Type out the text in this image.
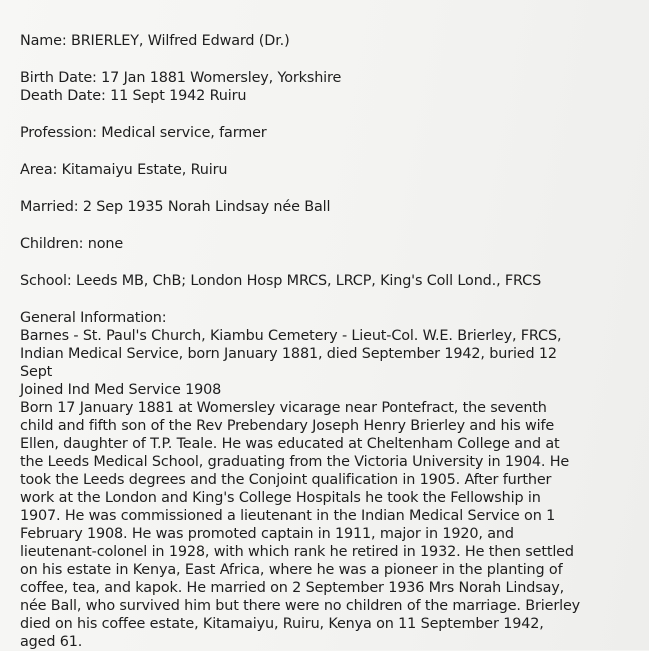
Name: BRIERLEY, Wilfred Edward (Dr.)

Birth Date: 17 Jan 1881 Womersley, Yorkshire

Death Date: 11 Sept 1942 Ruiru

Profession: Medical service, farmer

Area: Kitamaiyu Estate, Ruiru

Married: 2 Sep 1935 Norah Lindsay née Ball

Children: none

School: Leeds MB, ChB; London Hosp MRCS, LRCP, King's Coll Lond., FRCS

General Information:

Barnes - St. Paul's Church, Kiambu Cemetery - Lieut-Col. W.E. Brierley, FRCS,

Indian Medical Service, born January 1881, died September 1942, buried 12

Sept

Joined Ind Med Service 1908

Born 17 January 1881 at Womersley vicarage near Pontefract, the seventh
child and fifth son of the Rev Prebendary Joseph Henry Brierley and his wife
Ellen, daughter of T.P. Teale. He was educated at Cheltenham College and at
the Leeds Medical School, graduating from the Victoria University in 1904. He
took the Leeds degrees and the Conjoint qualification in 1905. After further
work at the London and King's College Hospitals he took the Fellowship in
1907. He was commissioned a lieutenant in the Indian Medical Service on 1
February 1908. He was promoted captain in 1911, major in 1920, and
lieutenant-colonel in 1928, with which rank he retired in 1932. He then settled
on his estate in Kenya, East Africa, where he was a pioneer in the planting of
coffee, tea, and kapok. He married on 2 September 1936 Mrs Norah Lindsay,
née Ball, who survived him but there were no children of the marriage. Brierley
died on his coffee estate, Kitamaiyu, Ruiru, Kenya on 11 September 1942,
aged 61.
